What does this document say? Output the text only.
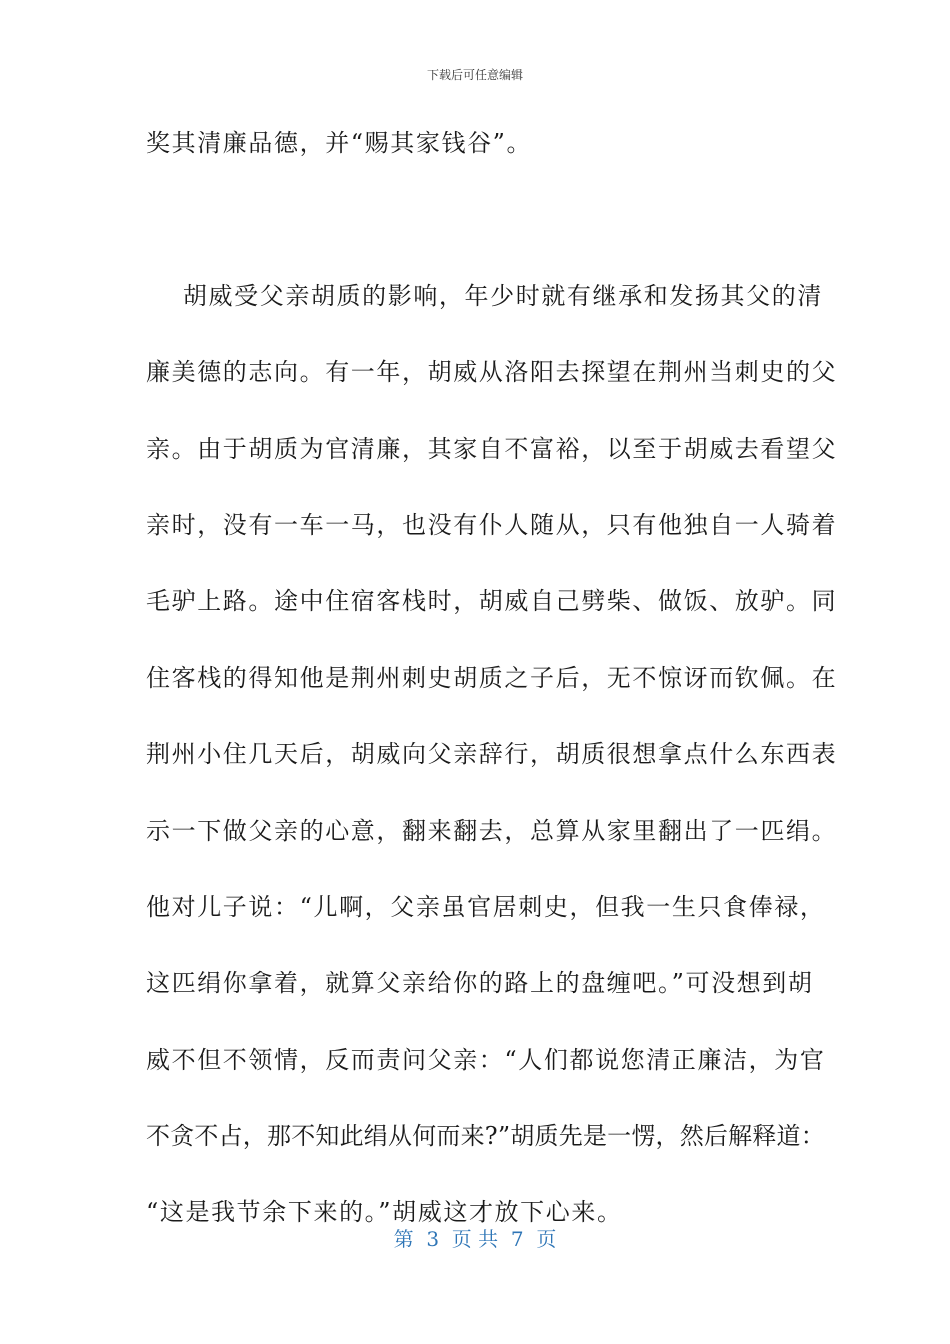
下载后可任意编辑
奖其清廉品德，并“赐其家钱谷”。
胡威受父亲胡质的影响，年少时就有继承和发扬其父的清
廉美德的志向。有一年，胡威从洛阳去探望在荆州当刺史的父
亲。由于胡质为官清廉，其家自不富裕，以至于胡威去看望父
亲时，没有一车一马，也没有仆人随从，只有他独自一人骑着
毛驴上路。途中住宿客栈时，胡威自己劈柴、做饭、放驴。同
住客栈的得知他是荆州刺史胡质之子后，无不惊讶而钦佩。在
荆州小住几天后，胡威向父亲辞行，胡质很想拿点什么东西表
示一下做父亲的心意，翻来翻去，总算从家里翻出了一匹绢。
他对儿子说：“儿啊，父亲虽官居刺史，但我一生只食俸禄，
这匹绢你拿着，就算父亲给你的路上的盘缠吧。”可没想到胡
威不但不领情，反而责问父亲：“人们都说您清正廉洁，为官
不贪不占，那不知此绢从何而来?”胡质先是一愣，然后解释道：
“这是我节余下来的。”胡威这才放下心来。
第  3  页 共  7  页
